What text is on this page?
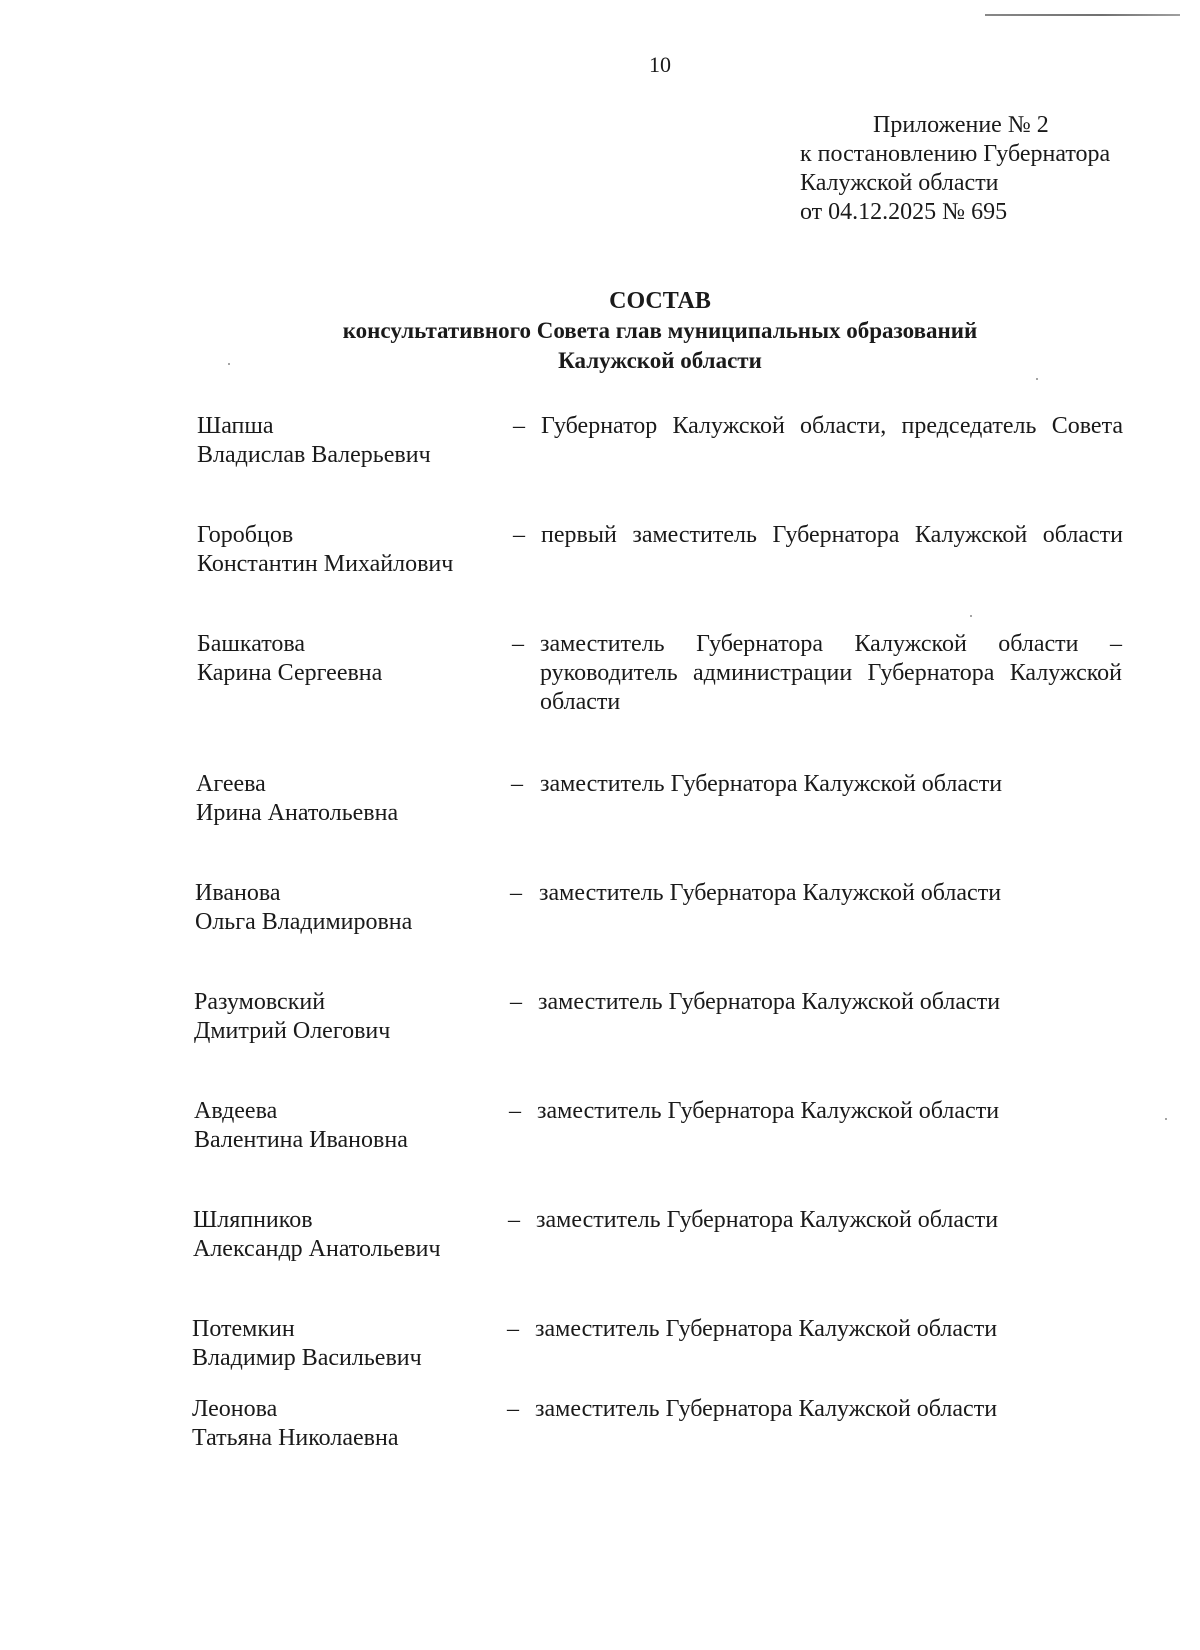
10
Приложение № 2
к постановлению Губернатора
Калужской области
от 04.12.2025 № 695
СОСТАВ
консультативного Совета глав муниципальных образований
Калужской области
Шапша
Владислав Валерьевич
– Губернатор Калужской области, председатель Совета
Горобцов
Константин Михайлович
– первый заместитель Губернатора Калужской области
Башкатова
Карина Сергеевна
– заместитель Губернатора Калужской области – руководитель администрации Губернатора Калужской области
Агеева
Ирина Анатольевна
– заместитель Губернатора Калужской области
Иванова
Ольга Владимировна
– заместитель Губернатора Калужской области
Разумовский
Дмитрий Олегович
– заместитель Губернатора Калужской области
Авдеева
Валентина Ивановна
– заместитель Губернатора Калужской области
Шляпников
Александр Анатольевич
– заместитель Губернатора Калужской области
Потемкин
Владимир Васильевич
– заместитель Губернатора Калужской области
Леонова
Татьяна Николаевна
– заместитель Губернатора Калужской области
